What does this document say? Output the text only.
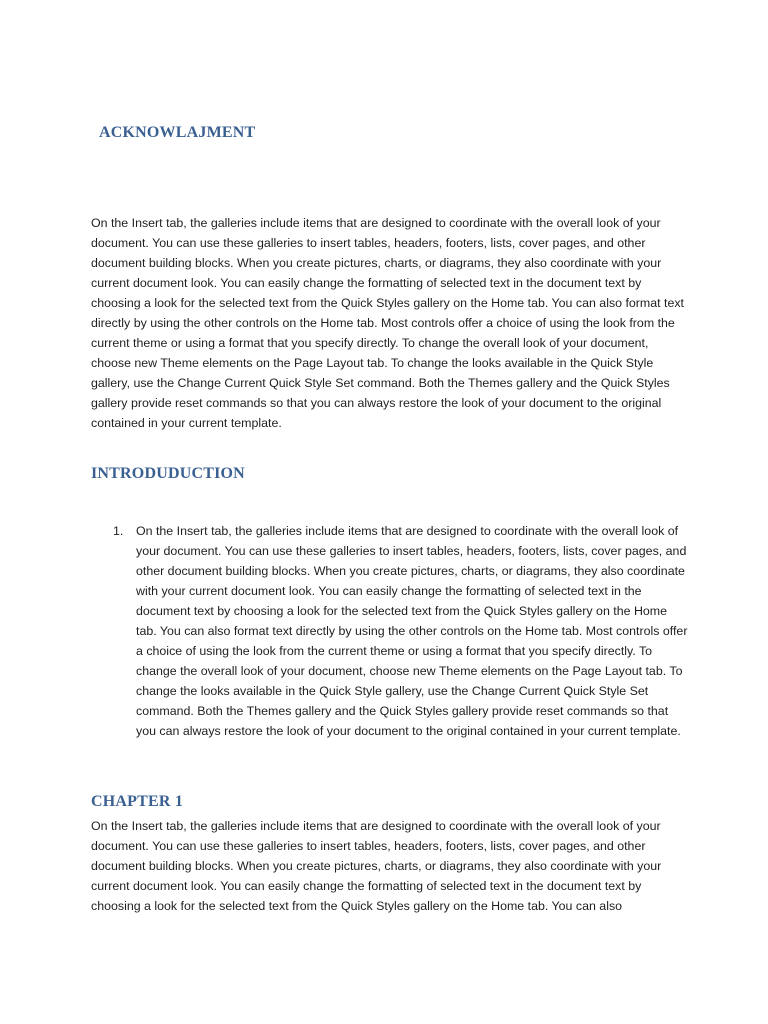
ACKNOWLAJMENT

On the Insert tab, the galleries include items that are designed to coordinate with the overall look of your document. You can use these galleries to insert tables, headers, footers, lists, cover pages, and other document building blocks. When you create pictures, charts, or diagrams, they also coordinate with your current document look. You can easily change the formatting of selected text in the document text by choosing a look for the selected text from the Quick Styles gallery on the Home tab. You can also format text directly by using the other controls on the Home tab. Most controls offer a choice of using the look from the current theme or using a format that you specify directly. To change the overall look of your document, choose new Theme elements on the Page Layout tab. To change the looks available in the Quick Style gallery, use the Change Current Quick Style Set command. Both the Themes gallery and the Quick Styles gallery provide reset commands so that you can always restore the look of your document to the original contained in your current template.

INTRODUDUCTION
1. On the Insert tab, the galleries include items that are designed to coordinate with the overall look of your document. You can use these galleries to insert tables, headers, footers, lists, cover pages, and other document building blocks. When you create pictures, charts, or diagrams, they also coordinate with your current document look. You can easily change the formatting of selected text in the document text by choosing a look for the selected text from the Quick Styles gallery on the Home tab. You can also format text directly by using the other controls on the Home tab. Most controls offer a choice of using the look from the current theme or using a format that you specify directly. To change the overall look of your document, choose new Theme elements on the Page Layout tab. To change the looks available in the Quick Style gallery, use the Change Current Quick Style Set command. Both the Themes gallery and the Quick Styles gallery provide reset commands so that you can always restore the look of your document to the original contained in your current template.
CHAPTER 1

On the Insert tab, the galleries include items that are designed to coordinate with the overall look of your document. You can use these galleries to insert tables, headers, footers, lists, cover pages, and other document building blocks. When you create pictures, charts, or diagrams, they also coordinate with your current document look. You can easily change the formatting of selected text in the document text by choosing a look for the selected text from the Quick Styles gallery on the Home tab. You can also
